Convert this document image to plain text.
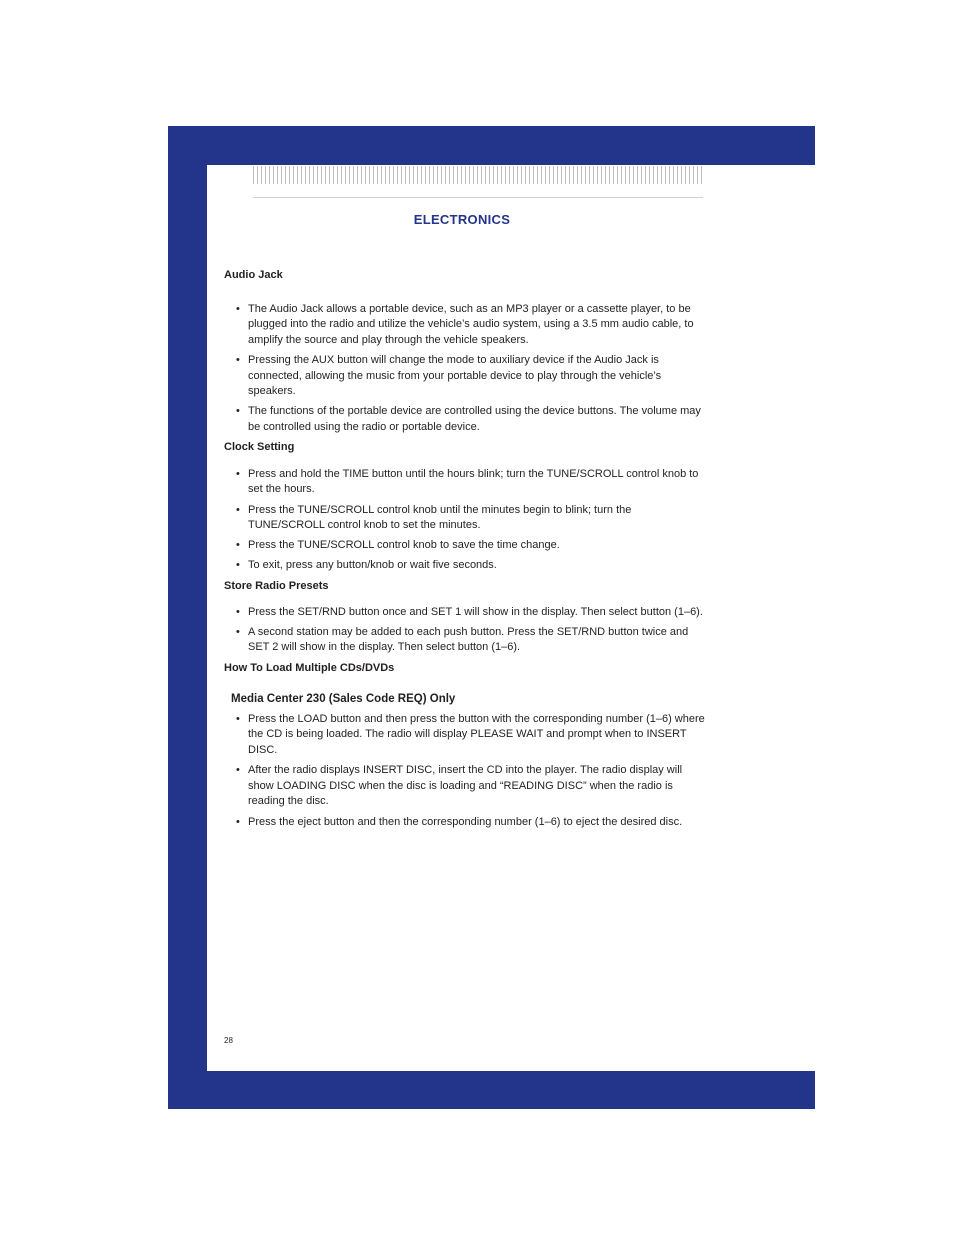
ELECTRONICS
Audio Jack
• The Audio Jack allows a portable device, such as an MP3 player or a cassette player, to be plugged into the radio and utilize the vehicle’s audio system, using a 3.5 mm audio cable, to amplify the source and play through the vehicle speakers.
• Pressing the AUX button will change the mode to auxiliary device if the Audio Jack is connected, allowing the music from your portable device to play through the vehicle’s speakers.
• The functions of the portable device are controlled using the device buttons. The volume may be controlled using the radio or portable device.
Clock Setting
• Press and hold the TIME button until the hours blink; turn the TUNE/SCROLL control knob to set the hours.
• Press the TUNE/SCROLL control knob until the minutes begin to blink; turn the TUNE/SCROLL control knob to set the minutes.
• Press the TUNE/SCROLL control knob to save the time change.
• To exit, press any button/knob or wait five seconds.
Store Radio Presets
• Press the SET/RND button once and SET 1 will show in the display. Then select button (1–6).
• A second station may be added to each push button. Press the SET/RND button twice and SET 2 will show in the display. Then select button (1–6).
How To Load Multiple CDs/DVDs
Media Center 230 (Sales Code REQ) Only
• Press the LOAD button and then press the button with the corresponding number (1–6) where the CD is being loaded. The radio will display PLEASE WAIT and prompt when to INSERT DISC.
• After the radio displays INSERT DISC, insert the CD into the player. The radio display will show LOADING DISC when the disc is loading and “READING DISC” when the radio is reading the disc.
• Press the eject button and then the corresponding number (1–6) to eject the desired disc.
28
